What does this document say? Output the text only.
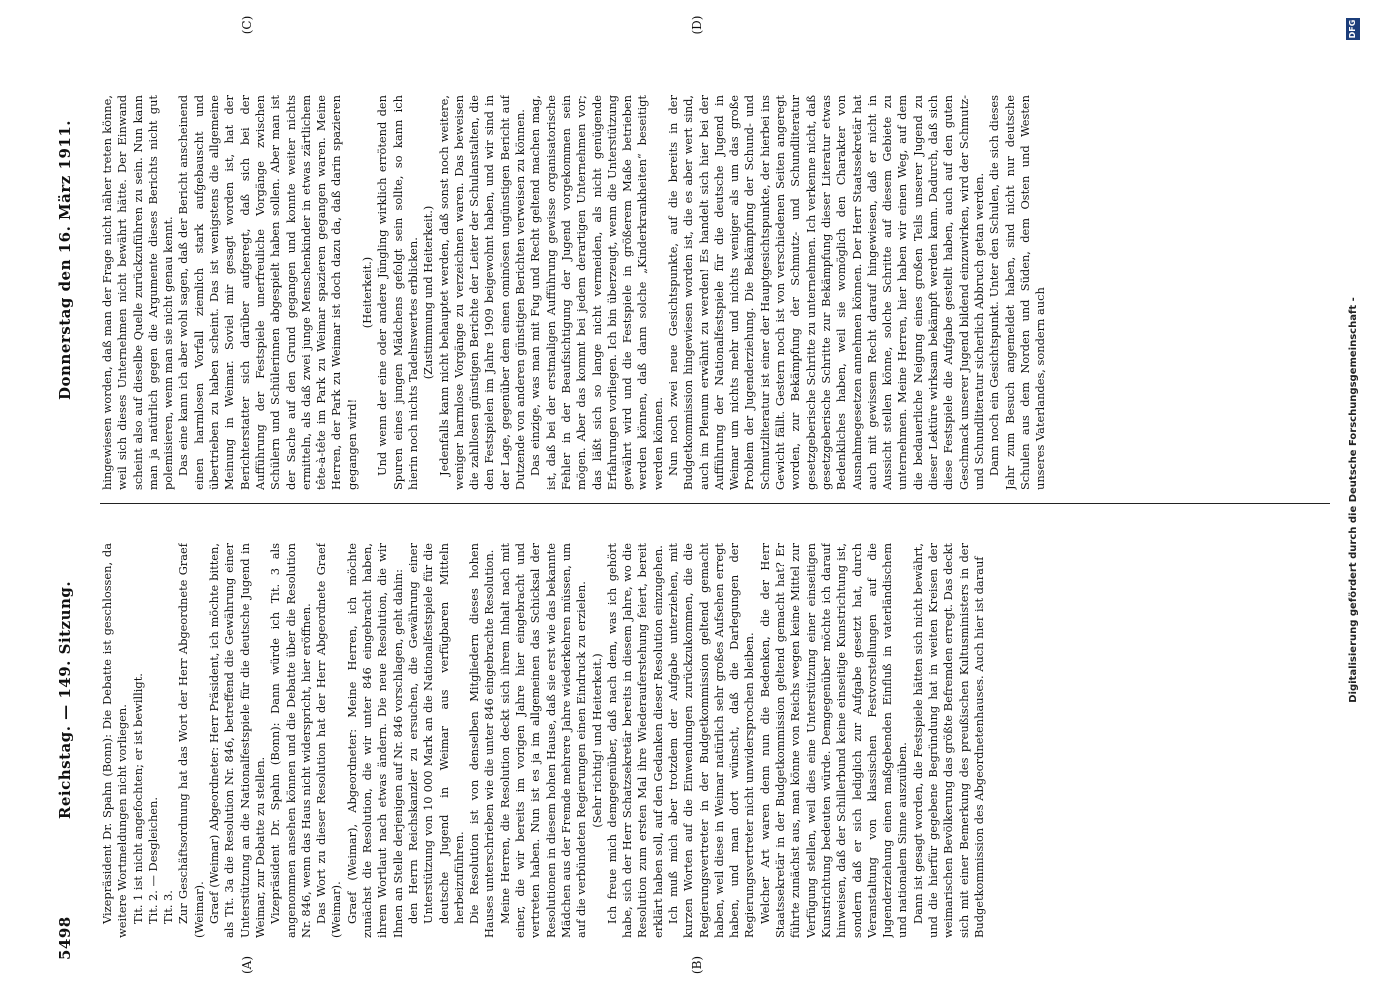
5498
Reichstag. — 149. Sitzung.
Donnerstag den 16. März 1911.
(A)	(B)
(C)	(D)

Vizepräsident Dr. Spahn (Bonn): Die Debatte ist geschlossen, da weitere Wortmeldungen nicht vorliegen. Tit. 1 ist nicht angefochten; er ist bewilligt. Tit. 2. — Desgleichen. Tit. 3. Zur Geschäftsordnung hat das Wort der Herr Abgeordnete Graef (Weimar). Graef (Weimar) Abgeordneter: Herr Präsident, ich möchte bitten, als Tit. 3a die Resolution Nr. 846, betreffend die Gewährung einer Unterstützung an die Nationalfestspiele für die deutsche Jugend in Weimar, zur Debatte zu stellen. Vizepräsident Dr. Spahn (Bonn): Dann würde ich Tit. 3 als angenommen ansehen können und die Debatte über die Resolution Nr. 846, wenn das Haus nicht widerspricht, hier eröffnen. Das Wort zu dieser Resolution hat der Herr Abgeordnete Graef (Weimar). Graef (Weimar), Abgeordneter: Meine Herren, ich möchte zunächst die Resolution, die wir unter 846 eingebracht haben, ihrem Wortlaut nach etwas ändern. Die neue Resolution, die wir Ihnen an Stelle derjenigen auf Nr. 846 vorschlagen, geht dahin: den Herrn Reichskanzler zu ersuchen, die Gewährung einer Unterstützung von 10 000 Mark an die Nationalfestspiele für die deutsche Jugend in Weimar aus verfügbaren Mitteln herbeizuführen. Die Resolution ist von denselben Mitgliedern dieses hohen Hauses unterschrieben wie die unter 846 eingebrachte Resolution. Meine Herren, die Resolution deckt sich ihrem Inhalt nach mit einer, die wir bereits im vorigen Jahre hier eingebracht und vertreten haben. Nun ist es ja im allgemeinen das Schicksal der Resolutionen in diesem hohen Hause, daß sie erst wie das bekannte Mädchen aus der Fremde mehrere Jahre wiederkehren müssen, um auf die verbündeten Regierungen einen Eindruck zu erzielen. (Sehr richtig! und Heiterkeit.) Ich freue mich demgegenüber, daß nach dem, was ich gehört habe, sich der Herr Schatzsekretär bereits in diesem Jahre, wo die Resolution zum ersten Mal ihre Wiederauferstehung feiert, bereit erklärt haben soll, auf den Gedanken dieser Resolution einzugehen. Ich muß mich aber trotzdem der Aufgabe unterziehen, mit kurzen Worten auf die Einwendungen zurückzukommen, die die Regierungsvertreter in der Budgetkommission geltend gemacht haben, weil diese in Weimar natürlich sehr großes Aufsehen erregt haben, und man dort wünscht, daß die Darlegungen der Regierungsvertreter nicht unwidersprochen bleiben. Welcher Art waren denn nun die Bedenken, die der Herr Staatssekretär in der Budgetkommission geltend gemacht hat? Er führte zunächst aus, man könne von Reichs wegen keine Mittel zur Verfügung stellen, weil dies eine Unterstützung einer einseitigen Kunstrichtung bedeuten würde. Demgegenüber möchte ich darauf hinweisen, daß der Schillerbund keine einseitige Kunstrichtung ist, sondern daß er sich lediglich zur Aufgabe gesetzt hat, durch Veranstaltung von klassischen Festvorstellungen auf die Jugenderziehung einen maßgebenden Einfluß in vaterländischem und nationalem Sinne auszuüben. Dann ist gesagt worden, die Festspiele hätten sich nicht bewährt, und die hierfür gegebene Begründung hat in weiten Kreisen der weimarischen Bevölkerung das größte Befremden erregt. Das deckt sich mit einer Bemerkung des preußischen Kultusministers in der Budgetkommission des Abgeordnetenhauses. Auch hier ist darauf

hingewiesen worden, daß man der Frage nicht näher treten könne, weil sich dieses Unternehmen nicht bewährt hätte. Der Einwand scheint also auf dieselbe Quelle zurückzuführen zu sein. Nun kann man ja natürlich gegen die Argumente dieses Berichts nicht gut polemisieren, wenn man sie nicht genau kennt. Das eine kann ich aber wohl sagen, daß der Bericht anscheinend einen harmlosen Vorfall ziemlich stark aufgebauscht und übertrieben zu haben scheint. Das ist wenigstens die allgemeine Meinung in Weimar. Soviel mir gesagt worden ist, hat der Berichterstatter sich darüber aufgeregt, daß sich bei der Aufführung der Festspiele unerfreuliche Vorgänge zwischen Schülern und Schülerinnen abgespielt haben sollen. Aber man ist der Sache auf den Grund gegangen und konnte weiter nichts ermitteln, als daß zwei junge Menschenkinder in etwas zärtlichem tête-à-tête im Park zu Weimar spazieren gegangen waren. Meine Herren, der Park zu Weimar ist doch dazu da, daß darin spazieren gegangen wird!

(Heiterkeit.) Und wenn der eine oder andere Jüngling wirklich errötend den Spuren eines jungen Mädchens gefolgt sein sollte, so kann ich hierin noch nichts Tadelnswertes erblicken. (Zustimmung und Heiterkeit.) Jedenfalls kann nicht behauptet werden, daß sonst noch weitere, weniger harmlose Vorgänge zu verzeichnen waren. Das beweisen die zahllosen günstigen Berichte der Leiter der Schulanstalten, die den Festspielen im Jahre 1909 beigewohnt haben, und wir sind in der Lage, gegenüber dem einen ominösen ungünstigen Bericht auf Dutzende von anderen günstigen Berichten verweisen zu können. Das einzige, was man mit Fug und Recht geltend machen mag, ist, daß bei der erstmaligen Aufführung gewisse organisatorische Fehler in der Beaufsichtigung der Jugend vorgekommen sein mögen. Aber das kommt bei jedem derartigen Unternehmen vor; das läßt sich so lange nicht vermeiden, als nicht genügende Erfahrungen vorliegen. Ich bin überzeugt, wenn die Unterstützung gewährt wird und die Festspiele in größerem Maße betrieben werden können, daß dann solche „Kinderkrankheiten“ beseitigt werden können. Nun noch zwei neue Gesichtspunkte, auf die bereits in der Budgetkommission hingewiesen worden ist, die es aber wert sind, auch im Plenum erwähnt zu werden! Es handelt sich hier bei der Aufführung der Nationalfestspiele für die deutsche Jugend in Weimar um nichts mehr und nichts weniger als um das große Problem der Jugenderziehung. Die Bekämpfung der Schund- und Schmutzliteratur ist einer der Hauptgesichtspunkte, der hierbei ins Gewicht fällt. Gestern noch ist von verschiedenen Seiten angeregt worden, zur Bekämpfung der Schmutz- und Schundliteratur gesetzgeberische Schritte zu unternehmen. Ich verkenne nicht, daß gesetzgeberische Schritte zur Bekämpfung dieser Literatur etwas Bedenkliches haben, weil sie womöglich den Charakter von Ausnahmegesetzen annehmen können. Der Herr Staatssekretär hat auch mit gewissem Recht darauf hingewiesen, daß er nicht in Aussicht stellen könne, solche Schritte auf diesem Gebiete zu unternehmen. Meine Herren, hier haben wir einen Weg, auf dem die bedauerliche Neigung eines großen Teils unserer Jugend zu dieser Lektüre wirksam bekämpft werden kann. Dadurch, daß sich diese Festspiele die Aufgabe gestellt haben, auch auf den guten Geschmack unserer Jugend bildend einzuwirken, wird der Schmutz- und Schundliteratur sicherlich Abbruch getan werden. Dann noch ein Gesichtspunkt. Unter den Schulen, die sich dieses Jahr zum Besuch angemeldet haben, sind nicht nur deutsche Schulen aus dem Norden und Süden, dem Osten und Westen unseres Vaterlandes, sondern auch	Digitalisierung gefördert durch die Deutsche Forschungsgemeinschaft -
DFG
